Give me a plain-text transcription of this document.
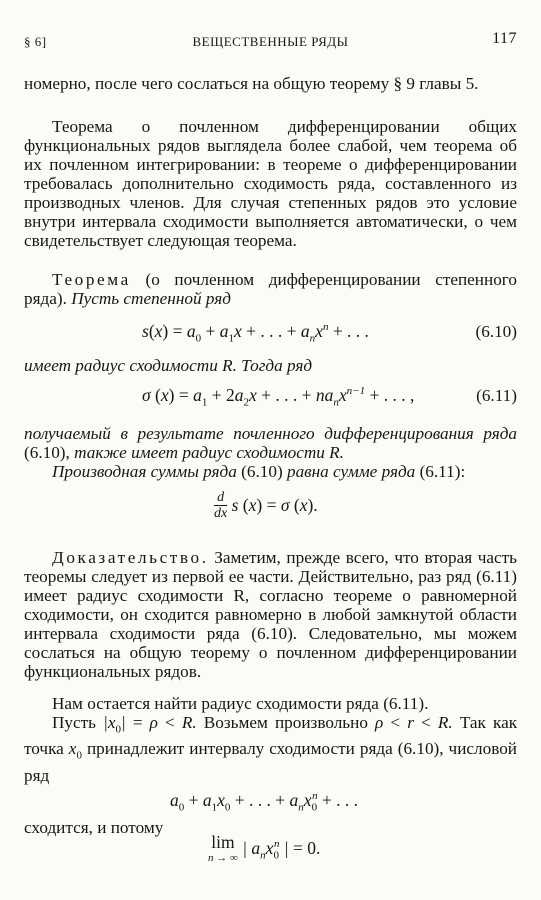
§ 6]	ВЕЩЕСТВЕННЫЕ РЯДЫ	117
номерно, после чего сослаться на общую теорему § 9 главы 5.
Теорема о почленном дифференцировании общих функциональных рядов выглядела более слабой, чем теорема об их почленном интегрировании: в теореме о дифференцировании требовалась дополнительно сходимость ряда, составленного из производных членов. Для случая степенных рядов это условие внутри интервала сходимости выполняется автоматически, о чем свидетельствует следующая теорема.
Теорема (о почленном дифференцировании степенного ряда). Пусть степенной ряд
$s(x) = a_0 + a_1x$ + . . . + $a_nx^n$ + . . .	(6.10)
имеет радиус сходимости R. Тогда ряд
σ $(x) = a_1 + 2a_2x$ + . . . + $na_nx^{n-1}$ + . . . ,	(6.11)
получаемый в результате почленного дифференцирования ряда (6.10), также имеет радиус сходимости R.
Производная суммы ряда (6.10) равна сумме ряда (6.11):
$\frac{d}{dx}$ s (x) = σ (x).
Доказательство. Заметим, прежде всего, что вторая часть теоремы следует из первой ее части. Действительно, раз ряд (6.11) имеет радиус сходимости R, согласно теореме о равномерной сходимости, он сходится равномерно в любой замкнутой области интервала сходимости ряда (6.10). Следовательно, мы можем сослаться на общую теорему о почленном дифференцировании функциональных рядов.
Нам остается найти радиус сходимости ряда (6.11).
Пусть $|x_0| = \rho < R$. Возьмем произвольно ρ < r < R. Так как точка $x_0$ принадлежит интервалу сходимости ряда (6.10), числовой ряд
$a_0 + a_1x_0$ + . . . + $a_nx_0^n$ + . . .
сходится, и потому
lim
n → ∞ | $a_nx_0^n$ | = 0.
